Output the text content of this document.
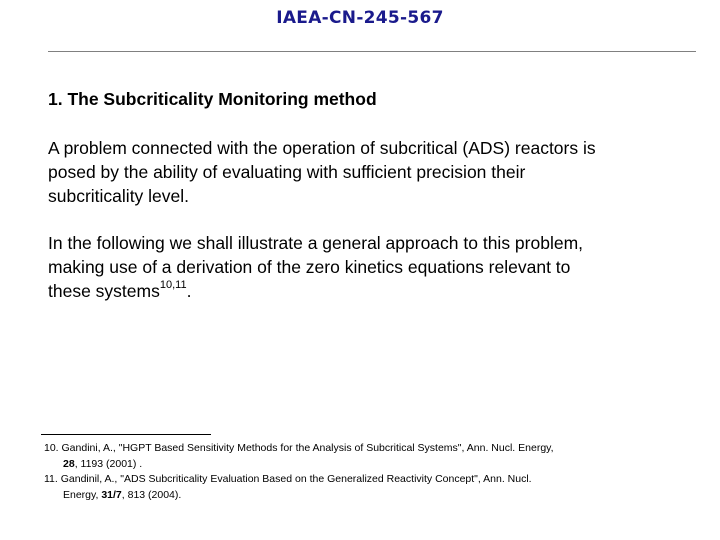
IAEA-CN-245-567
1. The Subcriticality Monitoring method
A problem connected with the operation of subcritical (ADS) reactors is
posed by the ability of evaluating with sufficient precision their
subcriticality level.
In the following we shall illustrate a general approach to this problem,
making use of a derivation of the zero kinetics equations relevant to
these systems$^{10,11}$.
10. Gandini, A., "HGPT Based Sensitivity Methods for the Analysis of Subcritical Systems", Ann. Nucl. Energy,
28, 1193 (2001) .
11. Gandinil, A., "ADS Subcriticality Evaluation Based on the Generalized Reactivity Concept", Ann. Nucl.
Energy, 31/7, 813 (2004).
